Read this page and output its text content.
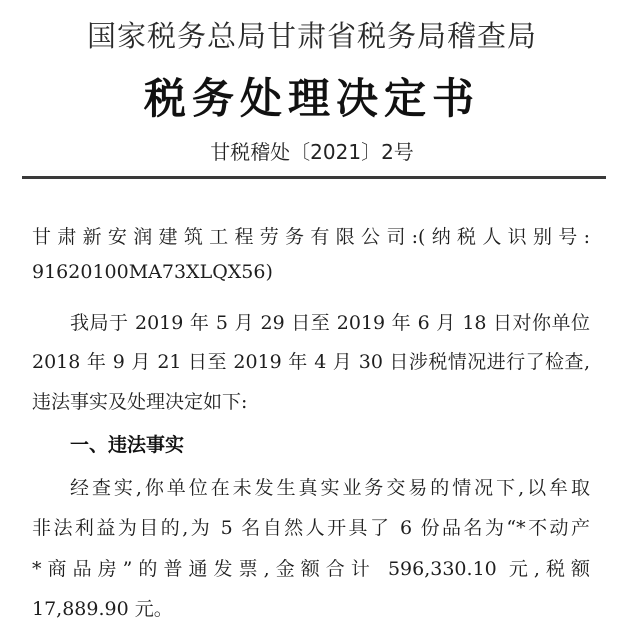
国家税务总局甘肃省税务局稽查局
税务处理决定书
甘税稽处〔2021〕2号
甘肃新安润建筑工程劳务有限公司:(纳税人识别号:
91620100MA73XLQX56)
我局于 2019 年 5 月 29 日至 2019 年 6 月 18 日对你单位
2018 年 9 月 21 日至 2019 年 4 月 30 日涉税情况进行了检查,
违法事实及处理决定如下:
一、违法事实
经查实,你单位在未发生真实业务交易的情况下,以牟取
非法利益为目的,为 5 名自然人开具了 6 份品名为“*不动产
*商品房”的普通发票,金额合计 596,330.10 元,税额
17,889.90 元。
